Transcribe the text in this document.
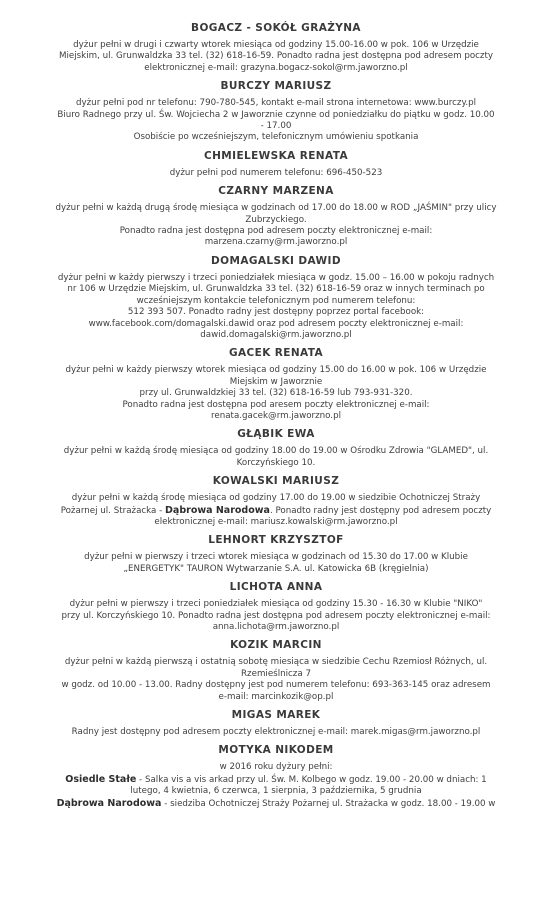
BOGACZ - SOKÓŁ GRAŻYNA

dyżur pełni w drugi i czwarty wtorek miesiąca od godziny 15.00-16.00 w pok. 106 w Urzędzie

Miejskim, ul. Grunwaldzka 33 tel. (32) 618-16-59. Ponadto radna jest dostępna pod adresem poczty

elektronicznej e-mail: grazyna.bogacz-sokol@rm.jaworzno.pl

BURCZY MARIUSZ

dyżur pełni pod nr telefonu: 790-780-545, kontakt e-mail strona internetowa: www.burczy.pl

Biuro Radnego przy ul. Św. Wojciecha 2 w Jaworznie czynne od poniedziałku do piątku w godz. 10.00

- 17.00

Osobiście po wcześniejszym, telefonicznym umówieniu spotkania

CHMIELEWSKA RENATA

dyżur pełni pod numerem telefonu: 696-450-523

CZARNY MARZENA

dyżur pełni w każdą drugą środę miesiąca w godzinach od 17.00 do 18.00 w ROD „JAŚMIN" przy ulicy

Zubrzyckiego.

Ponadto radna jest dostępna pod adresem poczty elektronicznej e-mail:

marzena.czarny@rm.jaworzno.pl

DOMAGALSKI DAWID

dyżur pełni w każdy pierwszy i trzeci poniedziałek miesiąca w godz. 15.00 – 16.00 w pokoju radnych

nr 106 w Urzędzie Miejskim, ul. Grunwaldzka 33 tel. (32) 618-16-59 oraz w innych terminach po

wcześniejszym kontakcie telefonicznym pod numerem telefonu:

512 393 507. Ponadto radny jest dostępny poprzez portal facebook:

www.facebook.com/domagalski.dawid oraz pod adresem poczty elektronicznej e-mail:

dawid.domagalski@rm.jaworzno.pl

GACEK RENATA

dyżur pełni w każdy pierwszy wtorek miesiąca od godziny 15.00 do 16.00 w pok. 106 w Urzędzie

Miejskim w Jaworznie

przy ul. Grunwaldzkiej 33 tel. (32) 618-16-59 lub 793-931-320.

Ponadto radna jest dostępna pod aresem poczty elektronicznej e-mail:

renata.gacek@rm.jaworzno.pl

GŁĄBIK EWA

dyżur pełni w każdą środę miesiąca od godziny 18.00 do 19.00 w Ośrodku Zdrowia "GLAMED", ul.

Korczyńskiego 10.

KOWALSKI MARIUSZ

dyżur pełni w każdą środę miesiąca od godziny 17.00 do 19.00 w siedzibie Ochotniczej Straży

Pożarnej ul. Strażacka - Dąbrowa Narodowa. Ponadto radny jest dostępny pod adresem poczty

elektronicznej e-mail: mariusz.kowalski@rm.jaworzno.pl

LEHNORT KRZYSZTOF

dyżur pełni w pierwszy i trzeci wtorek miesiąca w godzinach od 15.30 do 17.00 w Klubie

„ENERGETYK" TAURON Wytwarzanie S.A. ul. Katowicka 6B (kręgielnia)

LICHOTA ANNA

dyżur pełni w pierwszy i trzeci poniedziałek miesiąca od godziny 15.30 - 16.30 w Klubie "NIKO"

przy ul. Korczyńskiego 10. Ponadto radna jest dostępna pod adresem poczty elektronicznej e-mail:

anna.lichota@rm.jaworzno.pl

KOZIK MARCIN

dyżur pełni w każdą pierwszą i ostatnią sobotę miesiąca w siedzibie Cechu Rzemiosł Różnych, ul.

Rzemieślnicza 7

w godz. od 10.00 - 13.00. Radny dostępny jest pod numerem telefonu: 693-363-145 oraz adresem

e-mail: marcinkozik@op.pl

MIGAS MAREK

Radny jest dostępny pod adresem poczty elektronicznej e-mail: marek.migas@rm.jaworzno.pl

MOTYKA NIKODEM

w 2016 roku dyżury pełni:

Osiedle Stałe - Salka vis a vis arkad przy ul. Św. M. Kolbego w godz. 19.00 - 20.00 w dniach: 1

lutego, 4 kwietnia, 6 czerwca, 1 sierpnia, 3 października, 5 grudnia

Dąbrowa Narodowa - siedziba Ochotniczej Straży Pożarnej ul. Strażacka w godz. 18.00 - 19.00 w
